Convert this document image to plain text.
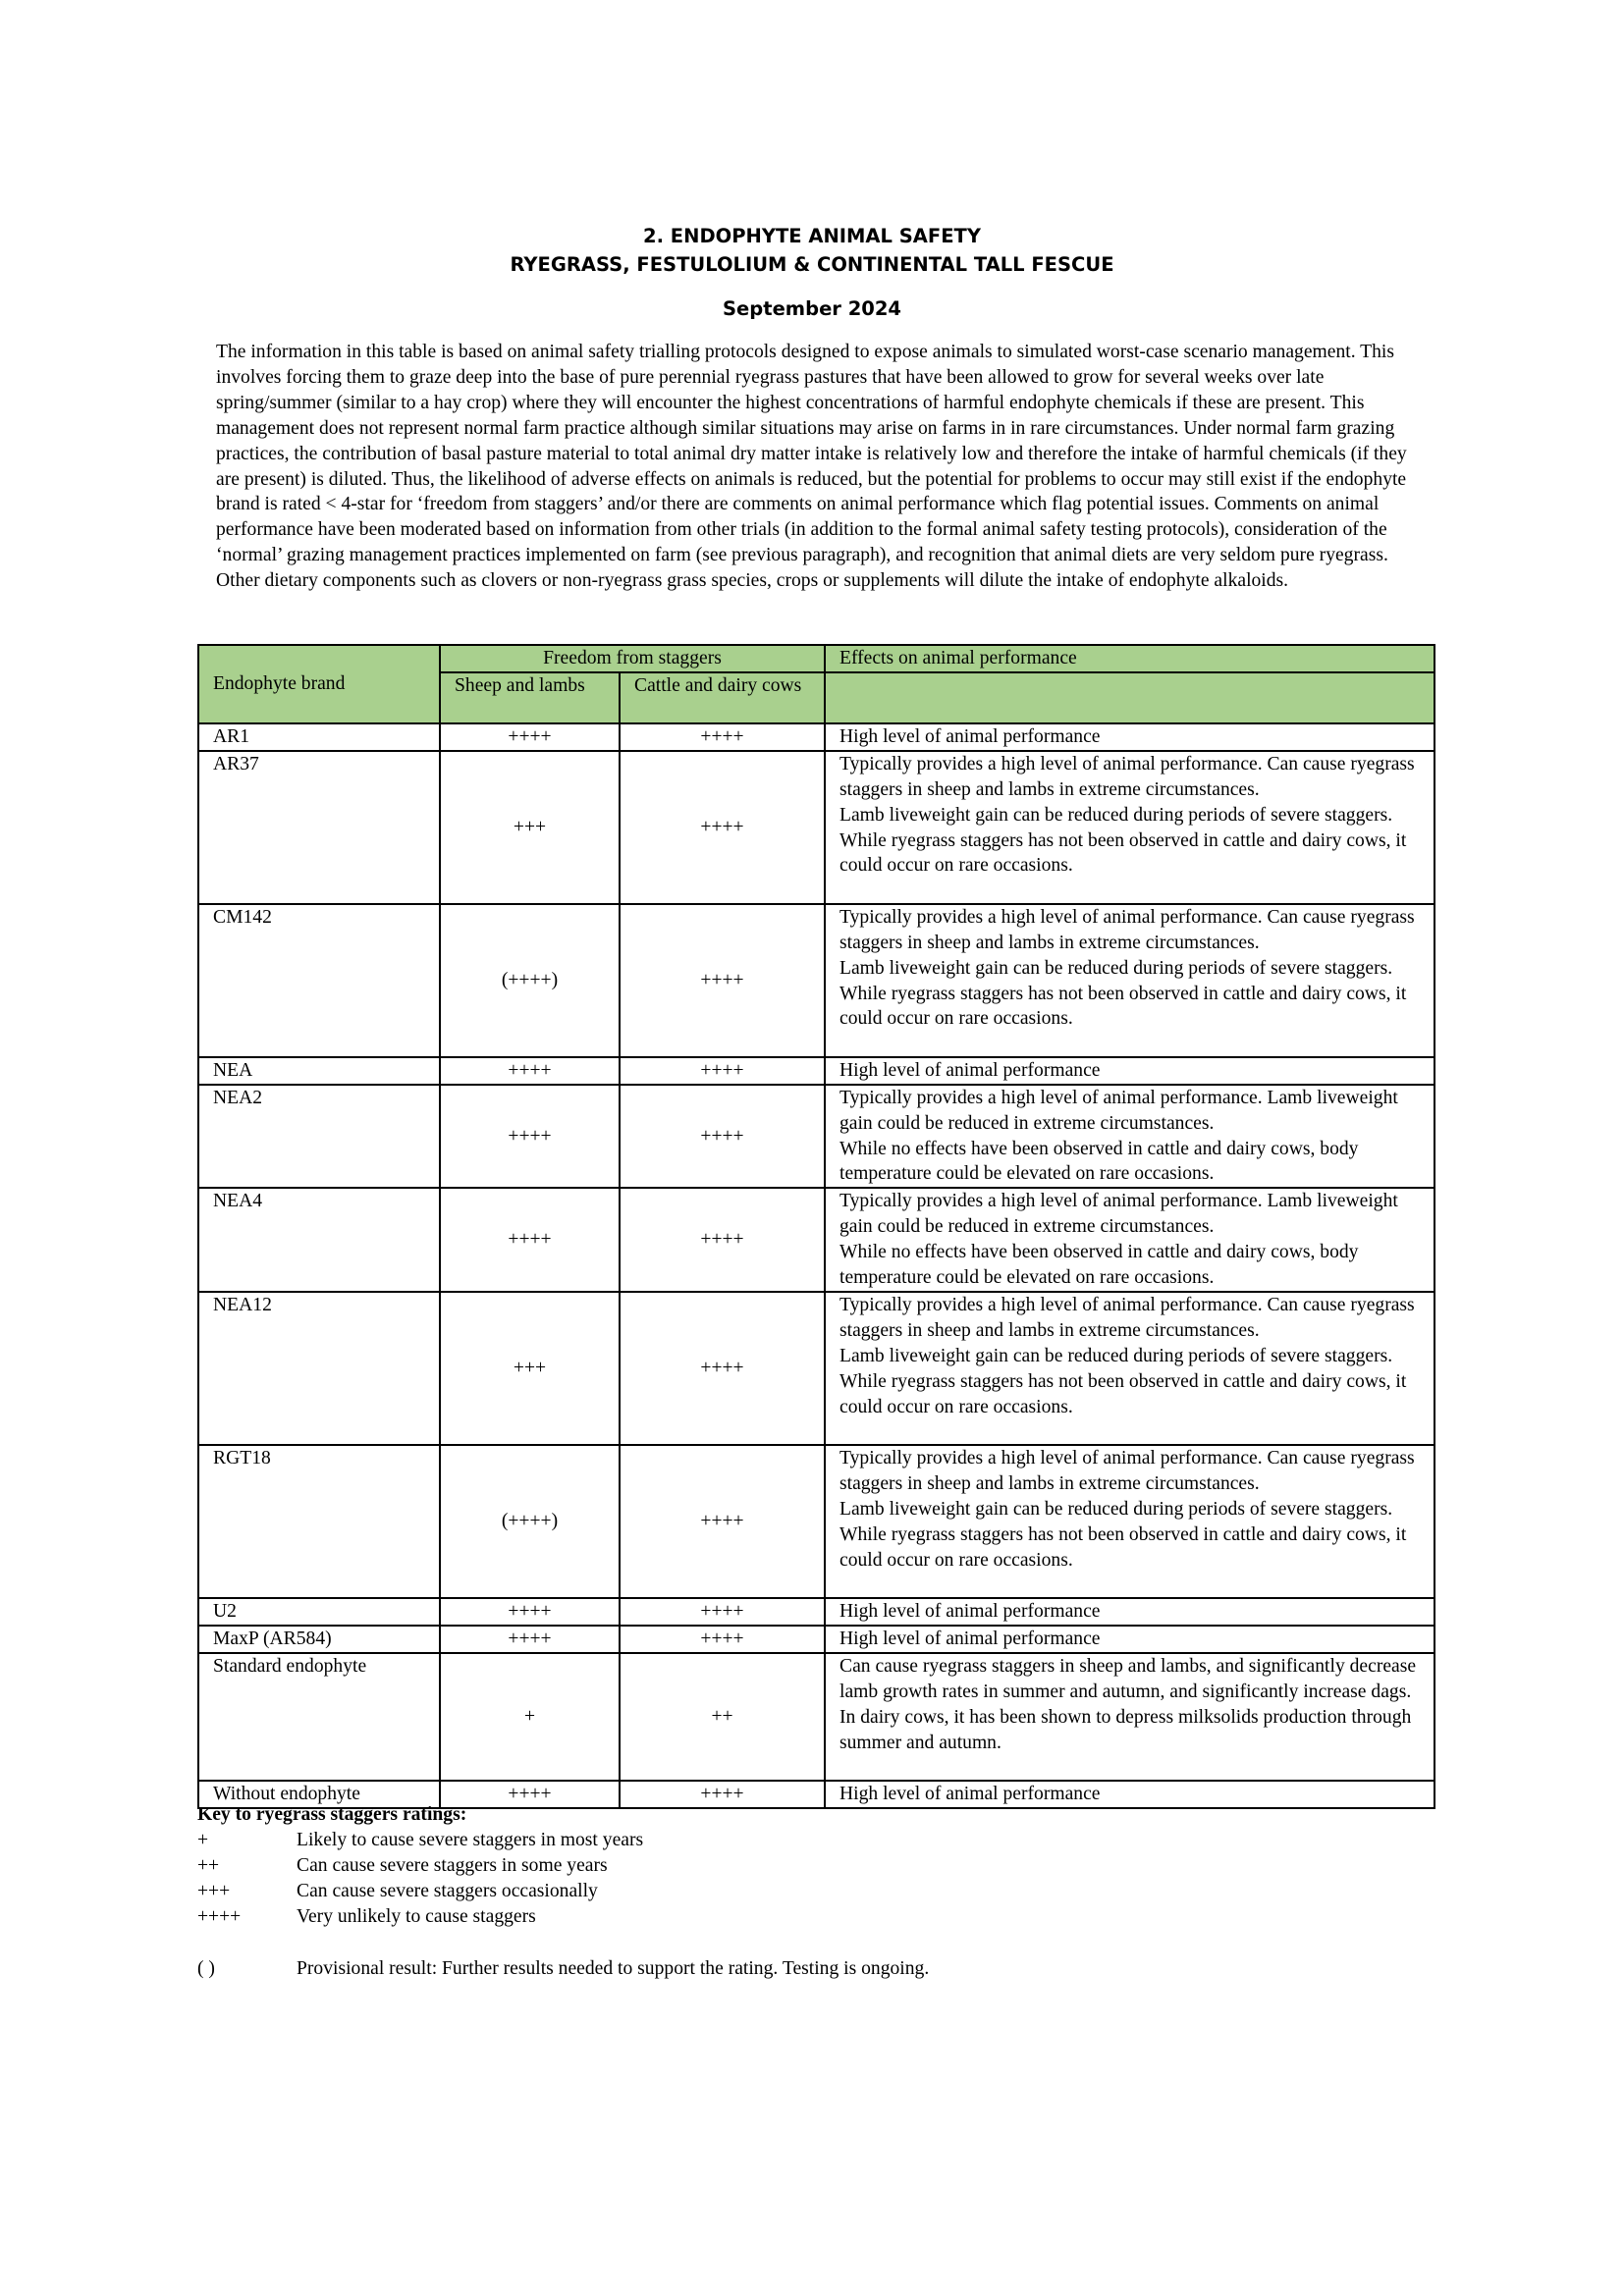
2. ENDOPHYTE ANIMAL SAFETY
RYEGRASS, FESTULOLIUM & CONTINENTAL TALL FESCUE
September 2024
The information in this table is based on animal safety trialling protocols designed to expose animals to simulated worst-case scenario management. This involves forcing them to graze deep into the base of pure perennial ryegrass pastures that have been allowed to grow for several weeks over late spring/summer (similar to a hay crop) where they will encounter the highest concentrations of harmful endophyte chemicals if these are present. This management does not represent normal farm practice although similar situations may arise on farms in in rare circumstances. Under normal farm grazing practices, the contribution of basal pasture material to total animal dry matter intake is relatively low and therefore the intake of harmful chemicals (if they are present) is diluted. Thus, the likelihood of adverse effects on animals is reduced, but the potential for problems to occur may still exist if the endophyte brand is rated < 4-star for ‘freedom from staggers’ and/or there are comments on animal performance which flag potential issues. Comments on animal performance have been moderated based on information from other trials (in addition to the formal animal safety testing protocols), consideration of the ‘normal’ grazing management practices implemented on farm (see previous paragraph), and recognition that animal diets are very seldom pure ryegrass. Other dietary components such as clovers or non-ryegrass grass species, crops or supplements will dilute the intake of endophyte alkaloids.
Endophyte brand	Freedom from staggers		Effects on animal performance
	Sheep and lambs	Cattle and dairy cows	
AR1	++++	++++	High level of animal performance

AR37	+++	++++	Typically provides a high level of animal performance. Can cause ryegrass staggers in sheep and lambs in extreme circumstances.
Lamb liveweight gain can be reduced during periods of severe staggers.
While ryegrass staggers has not been observed in cattle and dairy cows, it could occur on rare occasions.

CM142	(++++)	++++	Typically provides a high level of animal performance. Can cause ryegrass staggers in sheep and lambs in extreme circumstances.
Lamb liveweight gain can be reduced during periods of severe staggers.
While ryegrass staggers has not been observed in cattle and dairy cows, it could occur on rare occasions.

NEA	++++	++++	High level of animal performance

NEA2	++++	++++	Typically provides a high level of animal performance. Lamb liveweight gain could be reduced in extreme circumstances.
While no effects have been observed in cattle and dairy cows, body temperature could be elevated on rare occasions.

NEA4	++++	++++	Typically provides a high level of animal performance. Lamb liveweight gain could be reduced in extreme circumstances.
While no effects have been observed in cattle and dairy cows, body temperature could be elevated on rare occasions.

NEA12	+++	++++	Typically provides a high level of animal performance. Can cause ryegrass staggers in sheep and lambs in extreme circumstances.
Lamb liveweight gain can be reduced during periods of severe staggers.
While ryegrass staggers has not been observed in cattle and dairy cows, it could occur on rare occasions.

RGT18	(++++)	++++	Typically provides a high level of animal performance. Can cause ryegrass staggers in sheep and lambs in extreme circumstances.
Lamb liveweight gain can be reduced during periods of severe staggers.
While ryegrass staggers has not been observed in cattle and dairy cows, it could occur on rare occasions.

U2	++++	++++	High level of animal performance

MaxP (AR584)	++++	++++	High level of animal performance

Standard endophyte	+	++	Can cause ryegrass staggers in sheep and lambs, and significantly decrease lamb growth rates in summer and autumn, and significantly increase dags.
In dairy cows, it has been shown to depress milksolids production through summer and autumn.

Without endophyte	++++	++++	High level of animal performance
Key to ryegrass staggers ratings:
+	Likely to cause severe staggers in most years
++	Can cause severe staggers in some years
+++	Can cause severe staggers occasionally
++++	Very unlikely to cause staggers
( )	Provisional result: Further results needed to support the rating. Testing is ongoing.
